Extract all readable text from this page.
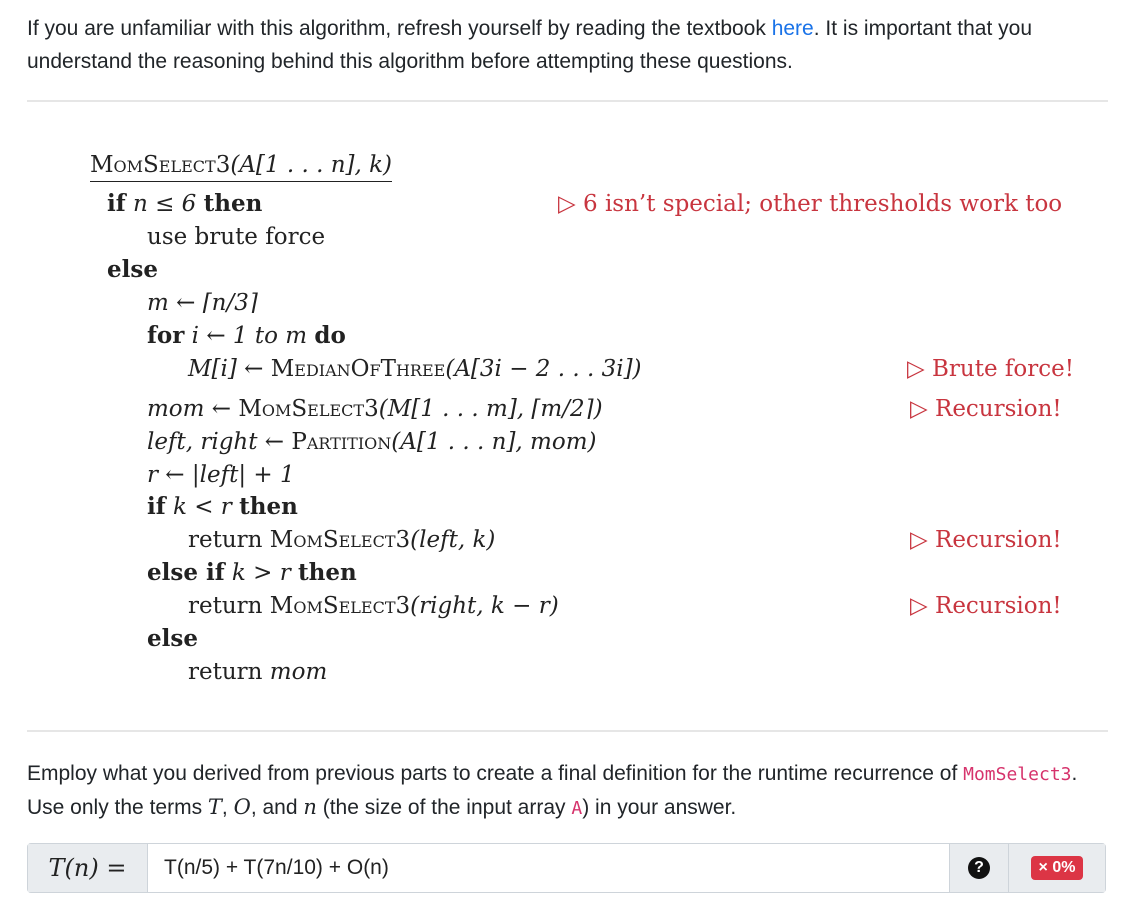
If you are unfamiliar with this algorithm, refresh yourself by reading the textbook here. It is important that you understand the reasoning behind this algorithm before attempting these questions.

MomSelect3(A[1 . . . n], k)
if n ≤ 6 then	▷ 6 isn’t special; other thresholds work too
use brute force
else
m ← ⌈n/3⌉
for i ← 1 to m do
M[i] ← MedianOfThree(A[3i − 2 . . . 3i])	▷ Brute force!
mom ← MomSelect3(M[1 . . . m], ⌈m/2⌉)	▷ Recursion!
left, right ← Partition(A[1 . . . n], mom)
r ← |left| + 1
if k < r then
return MomSelect3(left, k)	▷ Recursion!
else if k > r then
return MomSelect3(right, k − r)	▷ Recursion!
else
return mom

Employ what you derived from previous parts to create a final definition for the runtime recurrence of MomSelect3. Use only the terms T, O, and n (the size of the input array A) in your answer.

T(n) =
T(n/5) + T(7n/10) + O(n)	?	× 0%
